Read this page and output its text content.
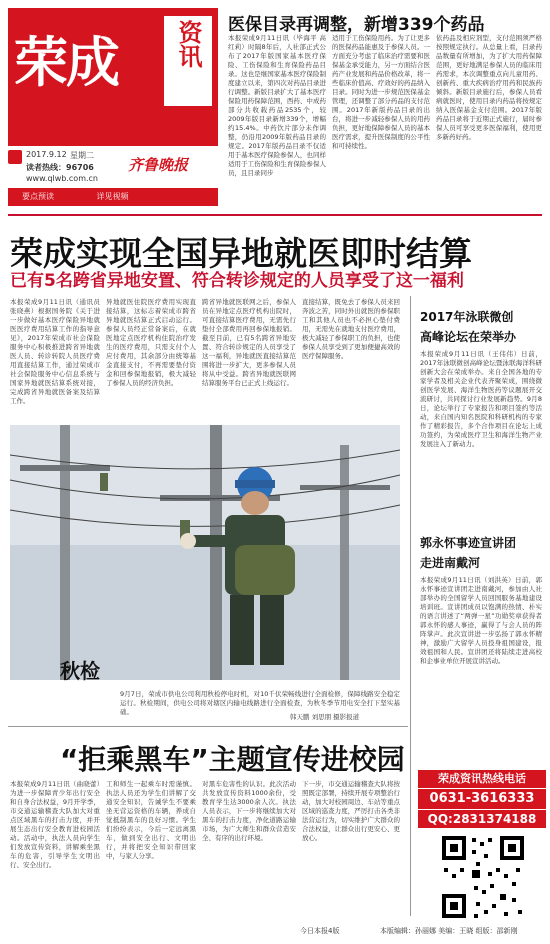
荣成 资讯
2017.9.12 星期二
读者热线：96706
www.qlwb.com.cn
齐鲁晚报
要点预读	详见视频
医保目录再调整，新增339个药品
本报荣成9月11日讯（毕海平 高红莉）时隔8年后，人社部正式公布了2017年版国家基本医疗保险、工伤保险和生育保险药品目录。这也是继国家基本医疗保险制度建立以来，第四次对药品目录进行调整。新版目录扩大了基本医疗保险用药保障范围，西药、中成药部分共收载药品2535个，较2009年版目录新增339个，增幅约15.4%。中药饮片部分未作调整，仍沿用2009年版药品目录的规定。2017年版药品目录不仅适用于基本医疗保险参保人，也同样适用于工伤保险和生育保险参保人员，且目录同步
适用于工伤保险用药。为了让更多的医保药品能惠及于参保人员。一方面充分考虑了临床治疗需要和医保基金承受能力，另一方面结合医药产业发展和药品价格改革，将一些临床价值高、疗效好的药品纳入目录。同时为进一步规范医保基金管理，还调整了部分药品的支付范围。2017年新版药品目录的出台，将进一步减轻参保人员的用药负担，更好地保障参保人员的基本医疗需求，提升医保制度的公平性和可持续性。
依药品及相应剂型，支付范围须严格按照规定执行。从总量上看，目录药品数量有所增加，为了扩大用药保障范围，更好地满足参保人员的临床用药需求，本次调整重点向儿童用药、创新药、重大疾病治疗用药和民族药倾斜。新版目录施行后，参保人员看病就医时，使用目录内药品将按规定纳入医保基金支付范围。2017年版药品目录将于近期正式施行，届时参保人员可享受更多医保福利，使用更多新药好药。
荣成实现全国异地就医即时结算
已有5名跨省异地安置、符合转诊规定的人员享受了这一福利
本报荣成9月11日讯（通讯员 张晓燕）根据国务院《关于进一步做好基本医疗保险异地就医医疗费用结算工作的指导意见》，2017年荣成市社会保险服务中心积极推进跨省异地就医人员、转诊转院人员医疗费用直接结算工作，通过荣成市社会保险服务中心信息系统与国家异地就医结算系统对接，完成跨省异地就医备案及结算工作。
异地就医住院医疗费用实现直接结算，这标志着荣成市跨省异地就医结算正式启动运行。参保人员经正常备案后，在就医地定点医疗机构住院治疗发生的医疗费用，只需支付个人应付费用，其余部分由统筹基金直接支付，不再需要垫付资金和回参保地报销，极大减轻了参保人员的经济负担。
跨省异地就医联网之后，参保人员在异地定点医疗机构出院时，可直接结算医疗费用，无需先行垫付全部费用再回参保地报销。截至目前，已有5名跨省异地安置、符合转诊规定的人员享受了这一福利，异地就医直接结算范围将进一步扩大，更多参保人员将从中受益。跨省异地就医联网结算服务平台已正式上线运行。
直接结算，既免去了参保人员来回奔波之苦，同时外出就医的参保职工和其他人员也不必担心垫付费用，无需先在就地支付医疗费用，极大减轻了参保职工的负担，也使参保人员享受到了更加便捷高效的医疗保障服务。
2017年泳联微创
高峰论坛在荣举办
本报荣成9月11日讯（王伟伟）日前，2017年泳联微创高峰论坛暨泳联海洋科研创新大会在荣成举办。来自全国各地的专家学者及相关企业代表齐聚荣成，围绕微创医学发展、海洋生物医药等议题展开交流研讨，共同探讨行业发展新趋势。9月8日，论坛举行了专家报告和项目签约等活动，来自国内知名医院和科研机构的专家作了精彩报告，多个合作项目在论坛上成功签约，为荣成医疗卫生和海洋生物产业发展注入了新动力。
郭永怀事迹宣讲团
走进南戴河
本报荣成9月11日讯（刘洪英）日前，郭永怀事迹宣讲团走进南戴河，参加由人社部举办的全国留学人员回国服务基地建设培训班。宣讲团成员以饱满的热情、朴实的语言讲述了“两弹一星”功勋奖章获得者郭永怀的感人事迹，赢得了与会人员的阵阵掌声。此次宣讲进一步弘扬了郭永怀精神，激励广大留学人员投身祖国建设，报效祖国和人民。宣讲团还将陆续走进高校和企事业单位开展宣讲活动。
秋检
9月7日，荣成市供电公司利用秋检停电时机，对10千伏荣畅线进行全面检修，保障线路安全稳定运行。秋检期间，供电公司将对辖区内输电线路进行全面检查，为秋冬季节用电安全打下坚实基础。
韩天鹏 刘思朋 摄影报道
“拒乘黑车”主题宣传进校园
本报荣成9月11日讯（曲晓蕾）为进一步保障青少年出行安全和自身合法权益，9月开学季，市交通运输稽查大队加大对重点区域黑车的打击力度，并开展生态出行安全教育进校园活动。活动中，执法人员向学生们发放宣传资料，讲解乘坐黑车的危害，引导学生文明出行、安全出行。
工和师生一起乘车时需谨慎。执法人员还为学生们讲解了交通安全知识，告诫学生不要乘坐无营运资格的车辆，养成自觉抵制黑车的良好习惯。学生们纷纷表示，今后一定远离黑车，做到安全出行、文明出行，并将把安全知识带回家中，与家人分享。
对黑车危害性的认识。此次活动共发放宣传资料1000余份，受教育学生达3000余人次。执法人员表示，下一步将继续加大对黑车的打击力度，净化道路运输市场，为广大师生和群众营造安全、有序的出行环境。
下一步，市交通运输稽查大队将按照既定部署，持续开展专项整治行动，加大对校园周边、车站等重点区域的巡查力度，严厉打击各类非法营运行为，切实维护广大群众的合法权益，让群众出行更安心、更放心。
荣成资讯热线电话
0631-3616333
QQ:2831374188
今日本报4版	本版编辑：孙丽娜 美编：王晓 组版：邵新刚
